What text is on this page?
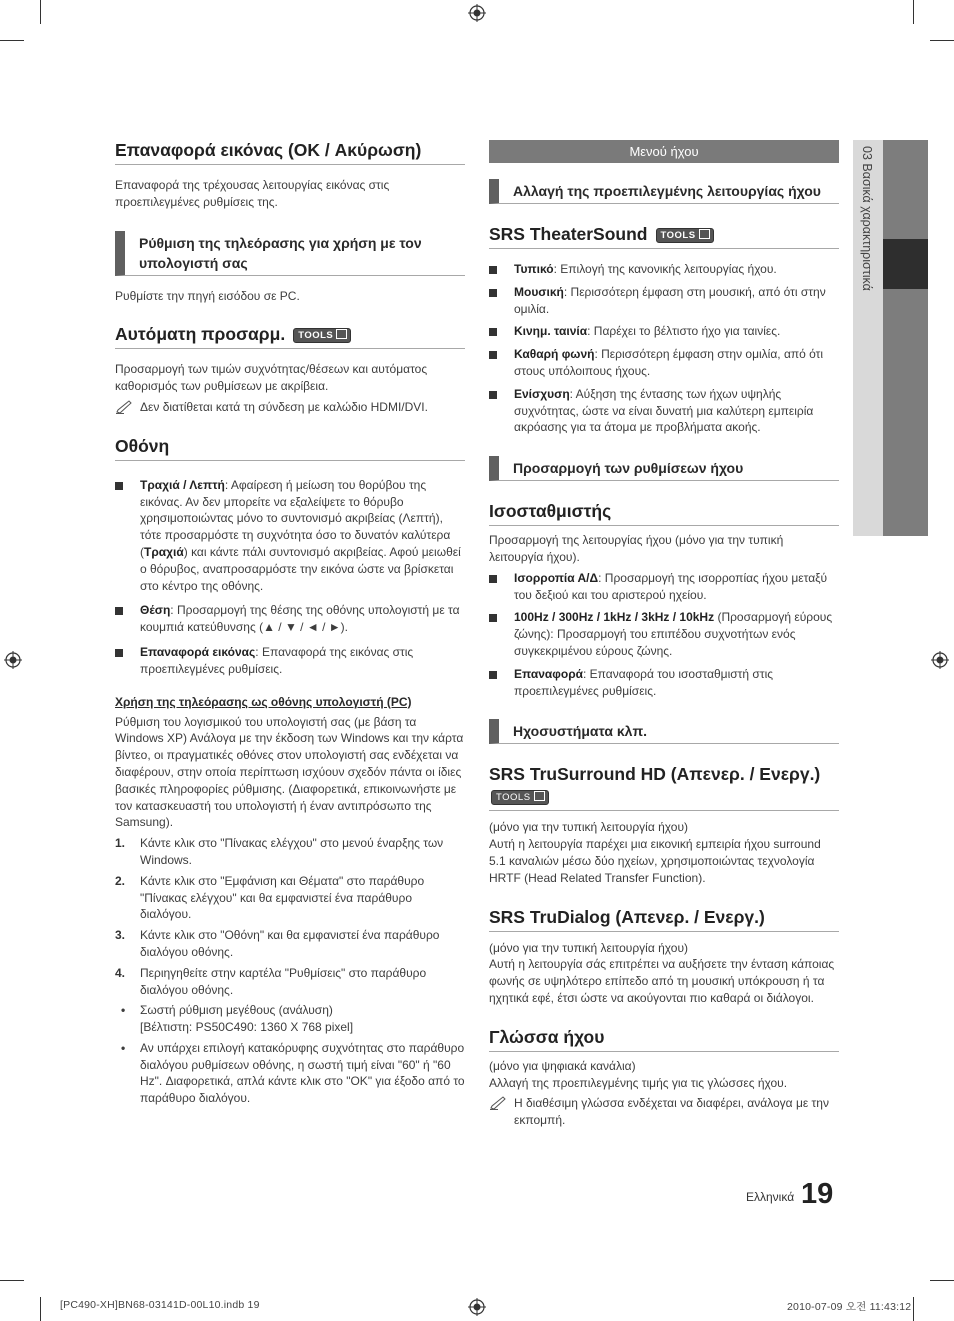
03 Βασικά χαρακτηριστικά
Επαναφορά εικόνας (OK / Ακύρωση)

Επαναφορά της τρέχουσας λειτουργίας εικόνας στις προεπιλεγμένες ρυθμίσεις της.

Ρύθμιση της τηλεόρασης για χρήση με τον υπολογιστή σας

Ρυθμίστε την πηγή εισόδου σε PC.

Αυτόματη προσαρμ. TOOLS

Προσαρμογή των τιμών συχνότητας/θέσεων και αυτόματος καθορισμός των ρυθμίσεων με ακρίβεια.

Δεν διατίθεται κατά τη σύνδεση με καλώδιο HDMI/DVI.
Οθόνη
Τραχιά / Λεπτή: Αφαίρεση ή μείωση του θορύβου της εικόνας. Αν δεν μπορείτε να εξαλείψετε το θόρυβο χρησιμοποιώντας μόνο το συντονισμό ακριβείας (Λεπτή), τότε προσαρμόστε τη συχνότητα όσο το δυνατόν καλύτερα (Τραχιά) και κάντε πάλι συντονισμό ακριβείας. Αφού μειωθεί ο θόρυβος, αναπροσαρμόστε την εικόνα ώστε να βρίσκεται στο κέντρο της οθόνης.
Θέση: Προσαρμογή της θέσης της οθόνης υπολογιστή με τα κουμπιά κατεύθυνσης (▲ / ▼ / ◄ / ►).
Επαναφορά εικόνας: Επαναφορά της εικόνας στις προεπιλεγμένες ρυθμίσεις.

Χρήση της τηλεόρασης ως οθόνης υπολογιστή (PC)

Ρύθμιση του λογισμικού του υπολογιστή σας (με βάση τα Windows XP) Ανάλογα με την έκδοση των Windows και την κάρτα βίντεο, οι πραγματικές οθόνες στον υπολογιστή σας ενδέχεται να διαφέρουν, στην οποία περίπτωση ισχύουν σχεδόν πάντα οι ίδιες βασικές πληροφορίες ρύθμισης. (Διαφορετικά, επικοινωνήστε με τον κατασκευαστή του υπολογιστή ή έναν αντιπρόσωπο της Samsung).

1. Κάντε κλικ στο "Πίνακας ελέγχου" στο μενού έναρξης των Windows.
2. Κάντε κλικ στο "Εμφάνιση και Θέματα" στο παράθυρο "Πίνακας ελέγχου" και θα εμφανιστεί ένα παράθυρο διαλόγου.
3. Κάντε κλικ στο "Οθόνη" και θα εμφανιστεί ένα παράθυρο διαλόγου οθόνης.
4. Περιηγηθείτε στην καρτέλα "Ρυθμίσεις" στο παράθυρο διαλόγου οθόνης.
• Σωστή ρύθμιση μεγέθους (ανάλυση)
[Βέλτιστη: PS50C490: 1360 X 768 pixel]
• Αν υπάρχει επιλογή κατακόρυφης συχνότητας στο παράθυρο διαλόγου ρυθμίσεων οθόνης, η σωστή τιμή είναι "60" ή "60 Hz". Διαφορετικά, απλά κάντε κλικ στο "OK" για έξοδο από το παράθυρο διαλόγου.
Μενού ήχου
Αλλαγή της προεπιλεγμένης λειτουργίας ήχου
SRS TheaterSound TOOLS
Τυπικό: Επιλογή της κανονικής λειτουργίας ήχου.
Μουσική: Περισσότερη έμφαση στη μουσική, από ότι στην ομιλία.
Κινημ. ταινία: Παρέχει το βέλτιστο ήχο για ταινίες.
Καθαρή φωνή: Περισσότερη έμφαση στην ομιλία, από ότι στους υπόλοιπους ήχους.
Ενίσχυση: Αύξηση της έντασης των ήχων υψηλής συχνότητας, ώστε να είναι δυνατή μια καλύτερη εμπειρία ακρόασης για τα άτομα με προβλήματα ακοής.
Προσαρμογή των ρυθμίσεων ήχου
Ισοσταθμιστής

Προσαρμογή της λειτουργίας ήχου (μόνο για την τυπική λειτουργία ήχου).

Ισορροπία Α/Δ: Προσαρμογή της ισορροπίας ήχου μεταξύ του δεξιού και του αριστερού ηχείου.
100Hz / 300Hz / 1kHz / 3kHz / 10kHz (Προσαρμογή εύρους ζώνης): Προσαρμογή του επιπέδου συχνοτήτων ενός συγκεκριμένου εύρους ζώνης.
Επαναφορά: Επαναφορά του ισοσταθμιστή στις προεπιλεγμένες ρυθμίσεις.
Ηχοσυστήματα κλπ.
SRS TruSurround HD (Απενερ. / Ενεργ.)
TOOLS

(μόνο για την τυπική λειτουργία ήχου)

Αυτή η λειτουργία παρέχει μια εικονική εμπειρία ήχου surround 5.1 καναλιών μέσω δύο ηχείων, χρησιμοποιώντας τεχνολογία HRTF (Head Related Transfer Function).

SRS TruDialog (Απενερ. / Ενεργ.)

(μόνο για την τυπική λειτουργία ήχου)

Αυτή η λειτουργία σάς επιτρέπει να αυξήσετε την ένταση κάποιας φωνής σε υψηλότερο επίπεδο από τη μουσική υπόκρουση ή τα ηχητικά εφέ, έτσι ώστε να ακούγονται πιο καθαρά οι διάλογοι.

Γλώσσα ήχου

(μόνο για ψηφιακά κανάλια)

Αλλαγή της προεπιλεγμένης τιμής για τις γλώσσες ήχου.

Η διαθέσιμη γλώσσα ενδέχεται να διαφέρει, ανάλογα με την εκπομπή.
Ελληνικά 19
[PC490-XH]BN68-03141D-00L10.indb 19	2010-07-09 오전 11:43:12
